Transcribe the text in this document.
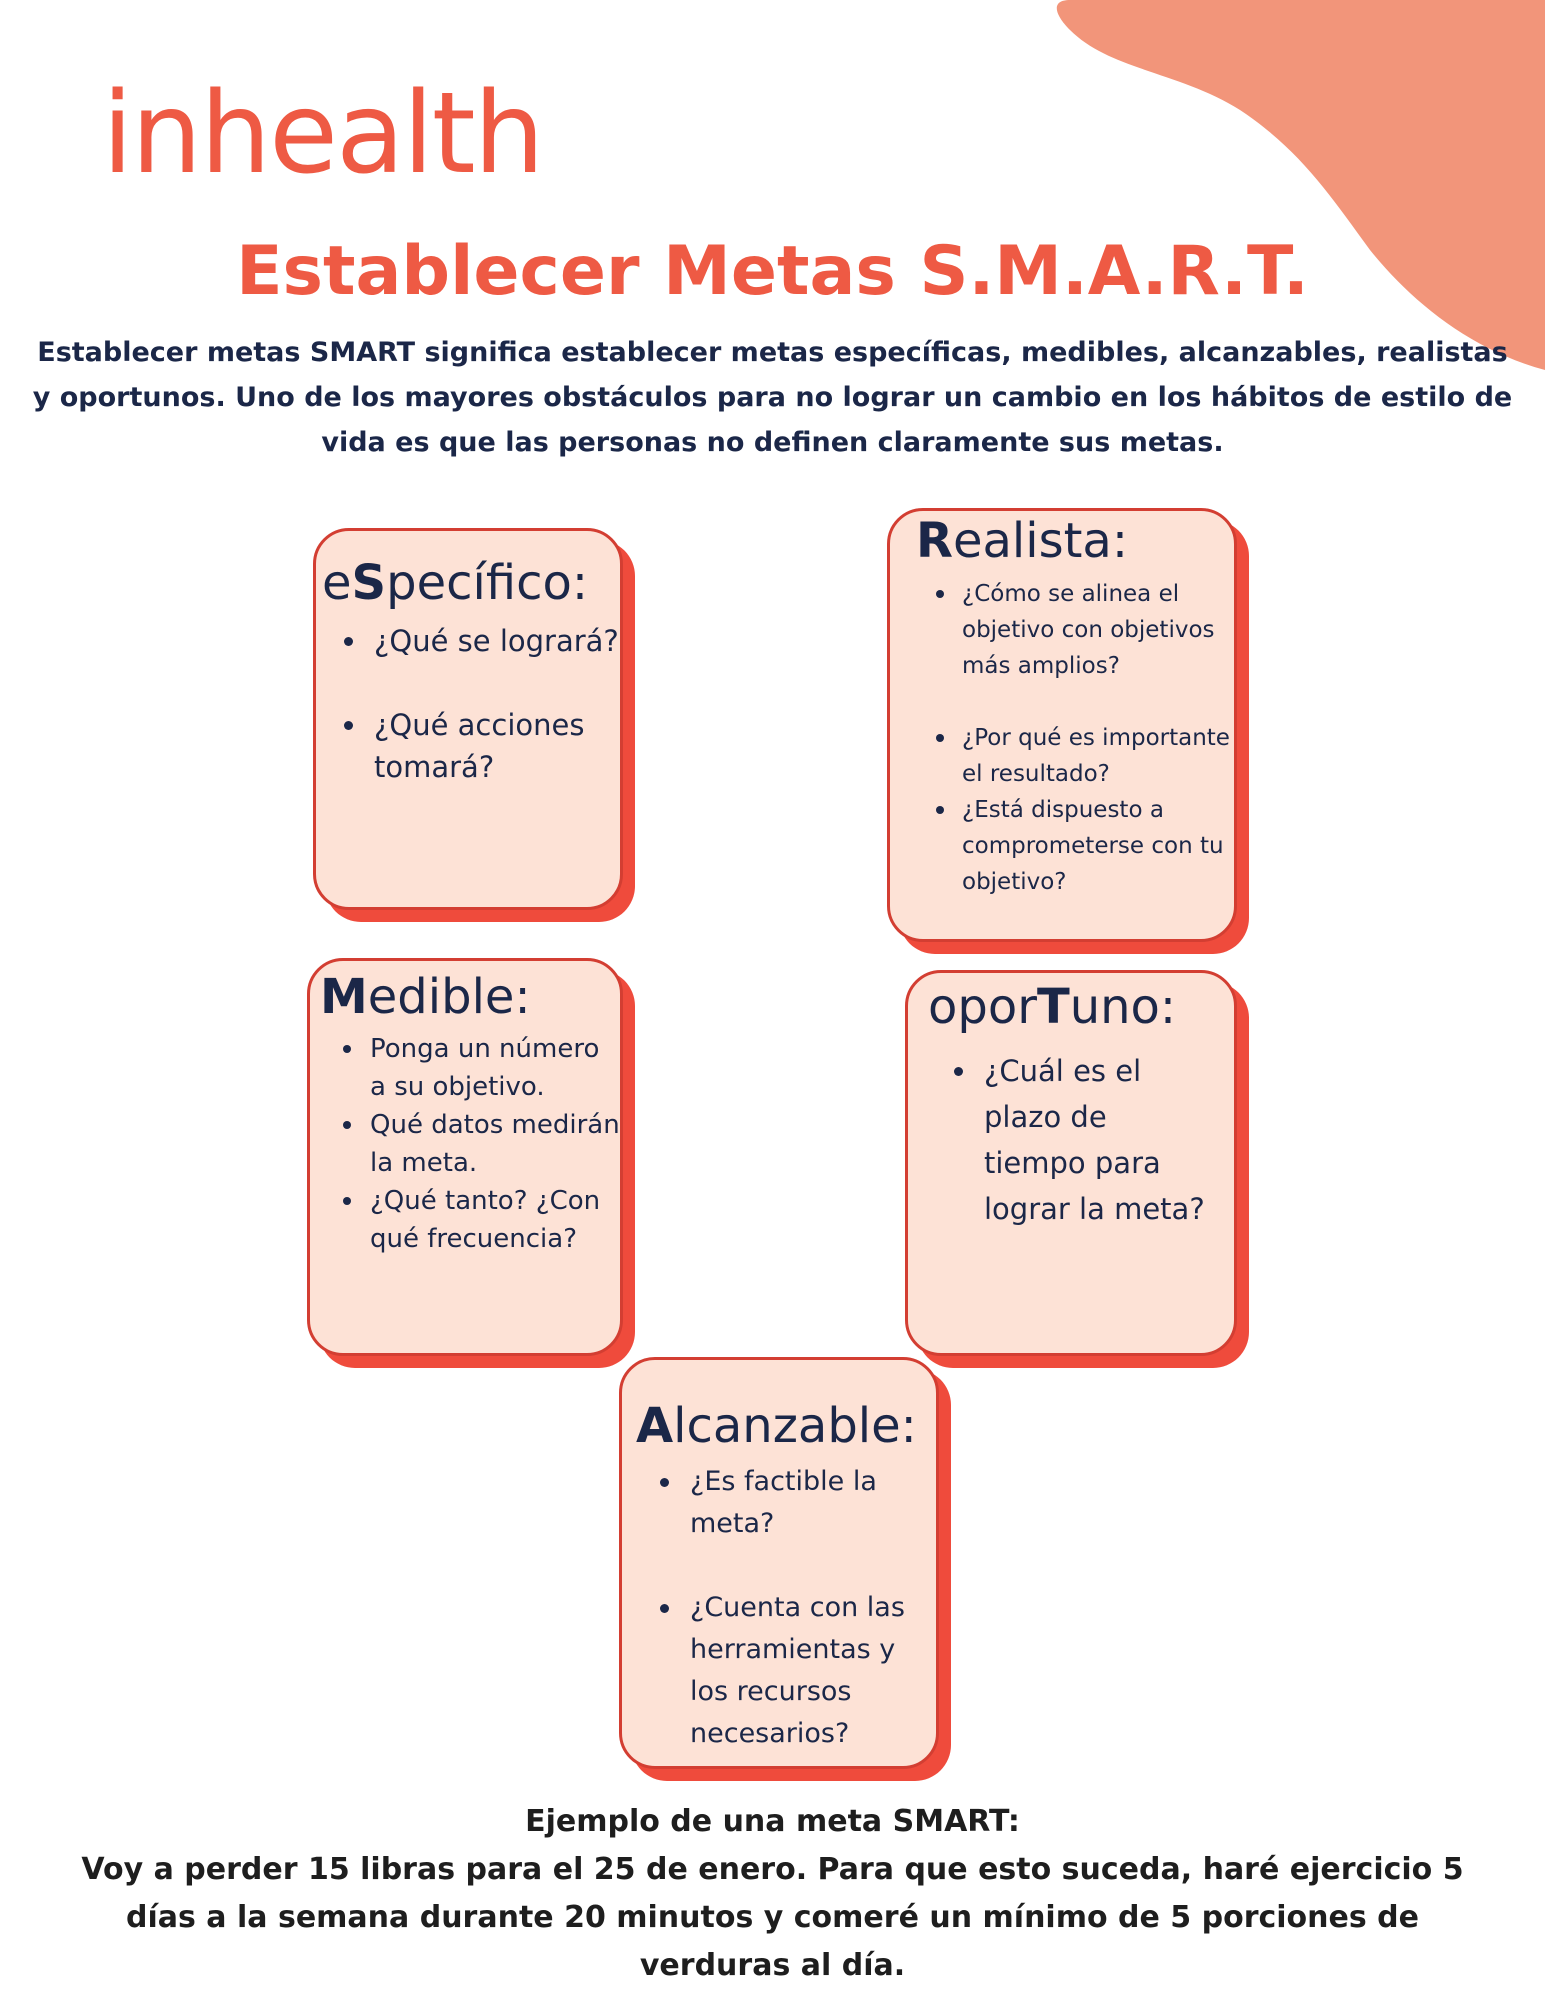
inhealth
Establecer Metas S.M.A.R.T.
Establecer metas SMART significa establecer metas específicas, medibles, alcanzables, realistas y oportunos. Uno de los mayores obstáculos para no lograr un cambio en los hábitos de estilo de vida es que las personas no definen claramente sus metas.
eSpecífico:
¿Qué se logrará?
¿Qué acciones tomará?
Realista:
¿Cómo se alinea el objetivo con objetivos más amplios?
¿Por qué es importante el resultado?
¿Está dispuesto a comprometerse con tu objetivo?
Medible:
Ponga un número a su objetivo.
Qué datos medirán la meta.
¿Qué tanto? ¿Con qué frecuencia?
oporTuno:
¿Cuál es el plazo de tiempo para lograr la meta?
Alcanzable:
¿Es factible la meta?
¿Cuenta con las herramientas y los recursos necesarios?
Ejemplo de una meta SMART:
Voy a perder 15 libras para el 25 de enero. Para que esto suceda, haré ejercicio 5 días a la semana durante 20 minutos y comeré un mínimo de 5 porciones de verduras al día.
